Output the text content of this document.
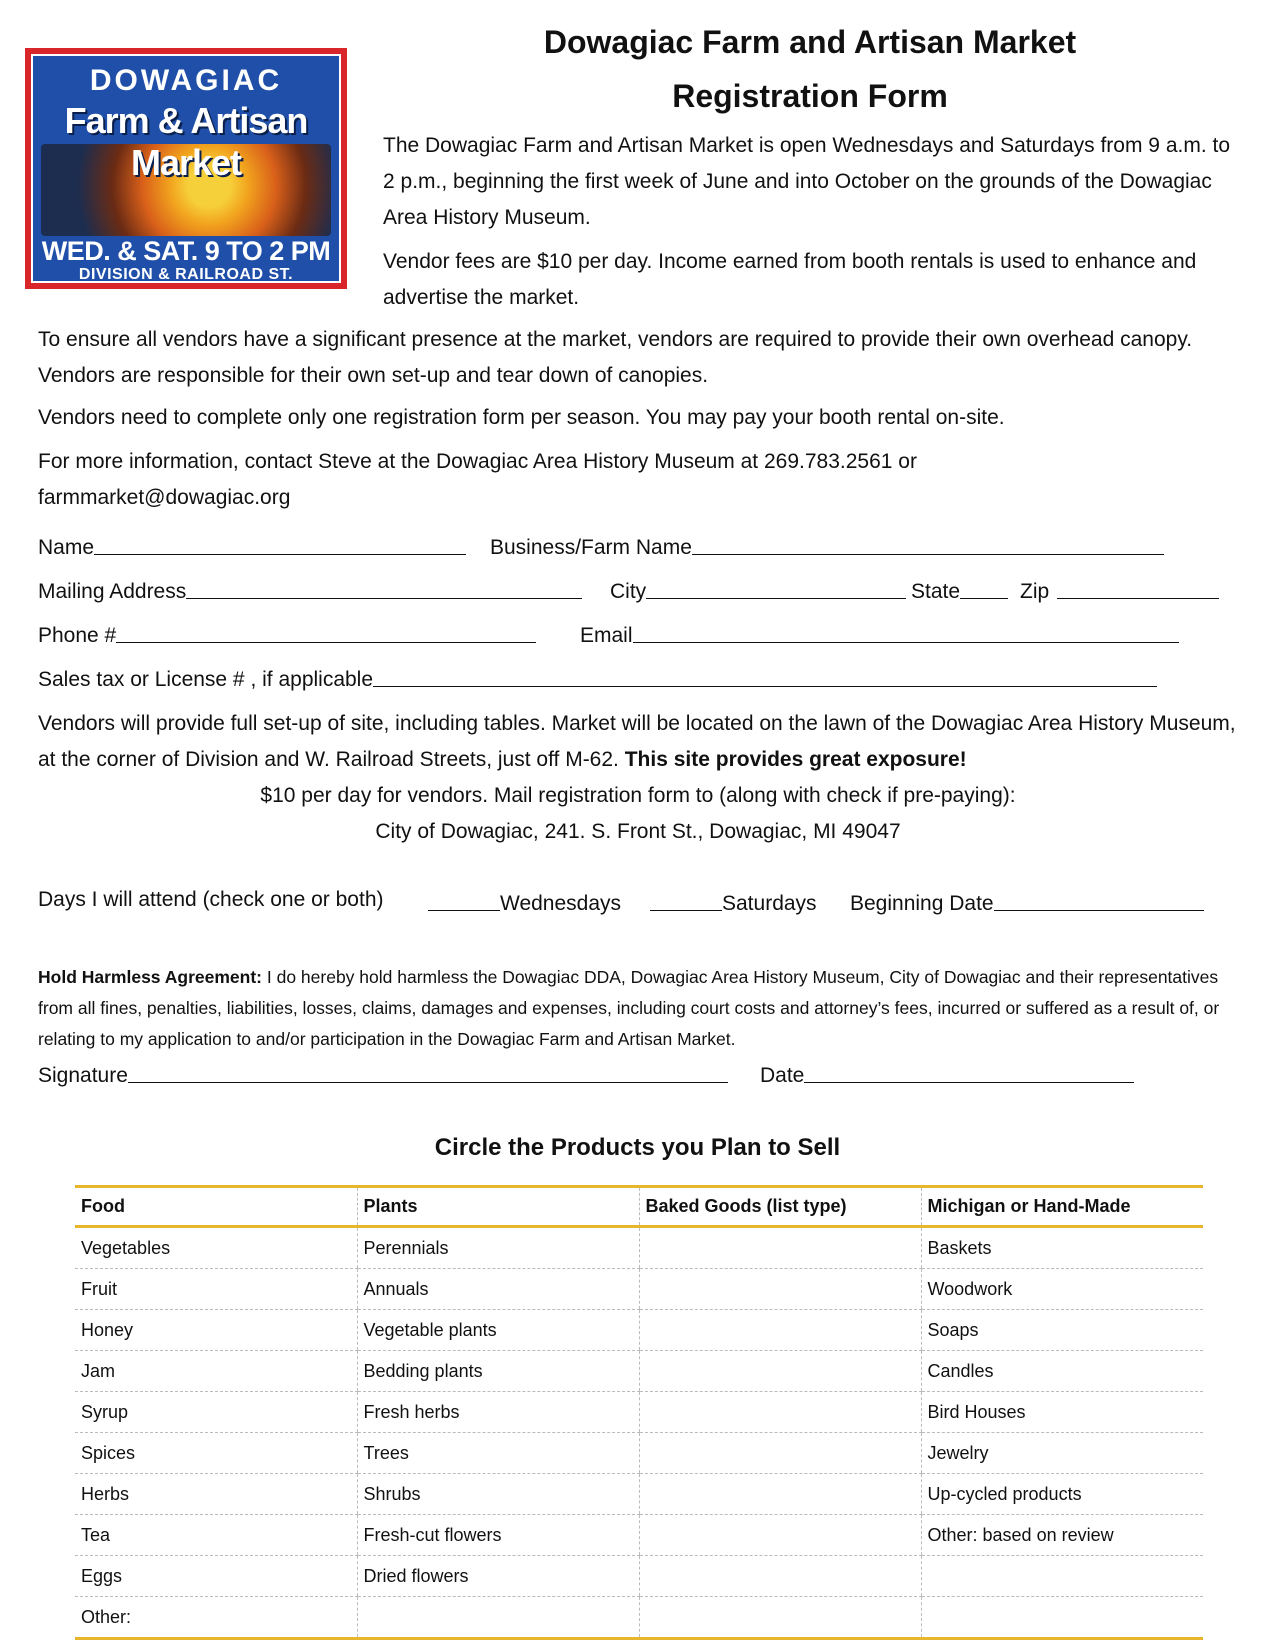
DOWAGIAC
Farm & Artisan Market
WED. & SAT. 9 TO 2 PM
DIVISION & RAILROAD ST.
Dowagiac Farm and Artisan Market
Registration Form

The Dowagiac Farm and Artisan Market is open Wednesdays and Saturdays from 9 a.m. to 2 p.m., beginning the first week of June and into October on the grounds of the Dowagiac Area History Museum.

Vendor fees are $10 per day. Income earned from booth rentals is used to enhance and advertise the market.

To ensure all vendors have a significant presence at the market, vendors are required to provide their own overhead canopy. Vendors are responsible for their own set-up and tear down of canopies.

Vendors need to complete only one registration form per season. You may pay your booth rental on-site.

For more information, contact Steve at the Dowagiac Area History Museum at 269.783.2561 or farmmarket@dowagiac.org

Name	Business/Farm Name
Mailing Address	City	State	Zip
Phone #	Email
Sales tax or License # , if applicable

Vendors will provide full set-up of site, including tables. Market will be located on the lawn of the Dowagiac Area History Museum, at the corner of Division and W. Railroad Streets, just off M-62. This site provides great exposure!

$10 per day for vendors. Mail registration form to (along with check if pre-paying):

City of Dowagiac, 241. S. Front St., Dowagiac, MI 49047

Days I will attend (check one or both)	Wednesdays	Saturdays Beginning Date

Hold Harmless Agreement: I do hereby hold harmless the Dowagiac DDA, Dowagiac Area History Museum, City of Dowagiac and their representatives from all fines, penalties, liabilities, losses, claims, damages and expenses, including court costs and attorney’s fees, incurred or suffered as a result of, or relating to my application to and/or participation in the Dowagiac Farm and Artisan Market.

Signature	Date
Circle the Products you Plan to Sell
Food	Plants	Baked Goods (list type)	Michigan or Hand-Made
Vegetables	Perennials		Baskets
Fruit	Annuals		Woodwork
Honey	Vegetable plants		Soaps
Jam	Bedding plants		Candles
Syrup	Fresh herbs		Bird Houses
Spices	Trees		Jewelry
Herbs	Shrubs		Up-cycled products
Tea	Fresh-cut flowers		Other: based on review
Eggs	Dried flowers		
Other:			
